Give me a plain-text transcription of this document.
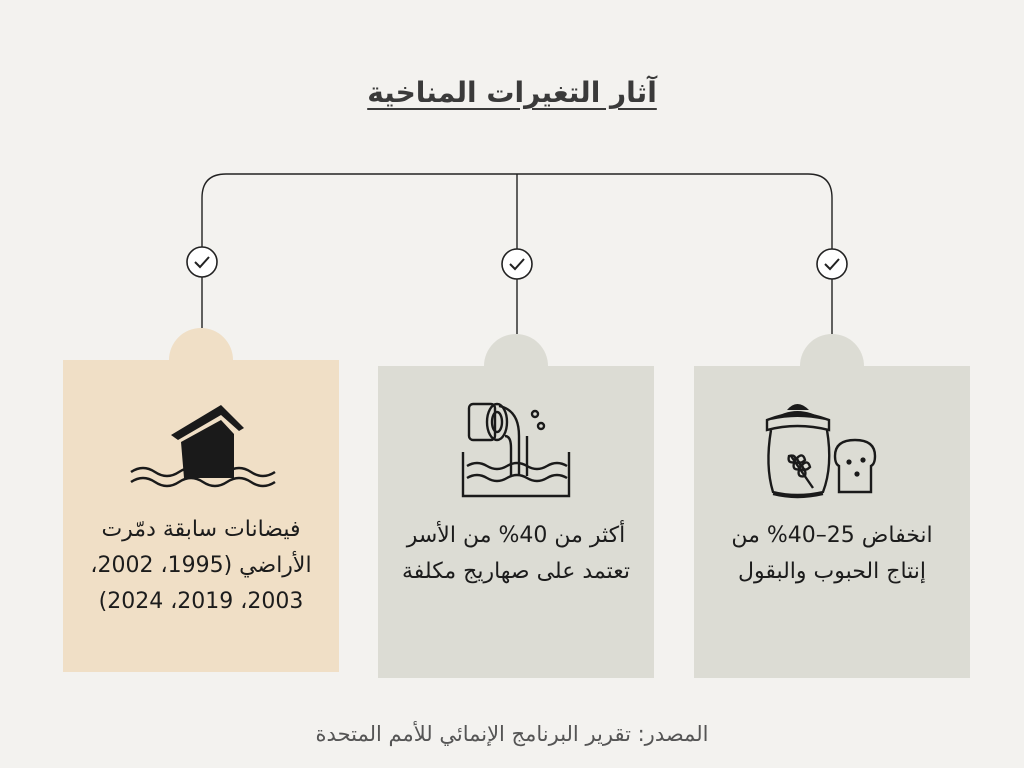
آثار التغيرات المناخية
فيضانات سابقة دمّرت الأراضي (1995، 2002، 2003، 2019، 2024)
أكثر من 40% من الأسر تعتمد على صهاريج مكلفة
انخفاض 25–40% من إنتاج الحبوب والبقول
المصدر: تقرير البرنامج الإنمائي للأمم المتحدة
